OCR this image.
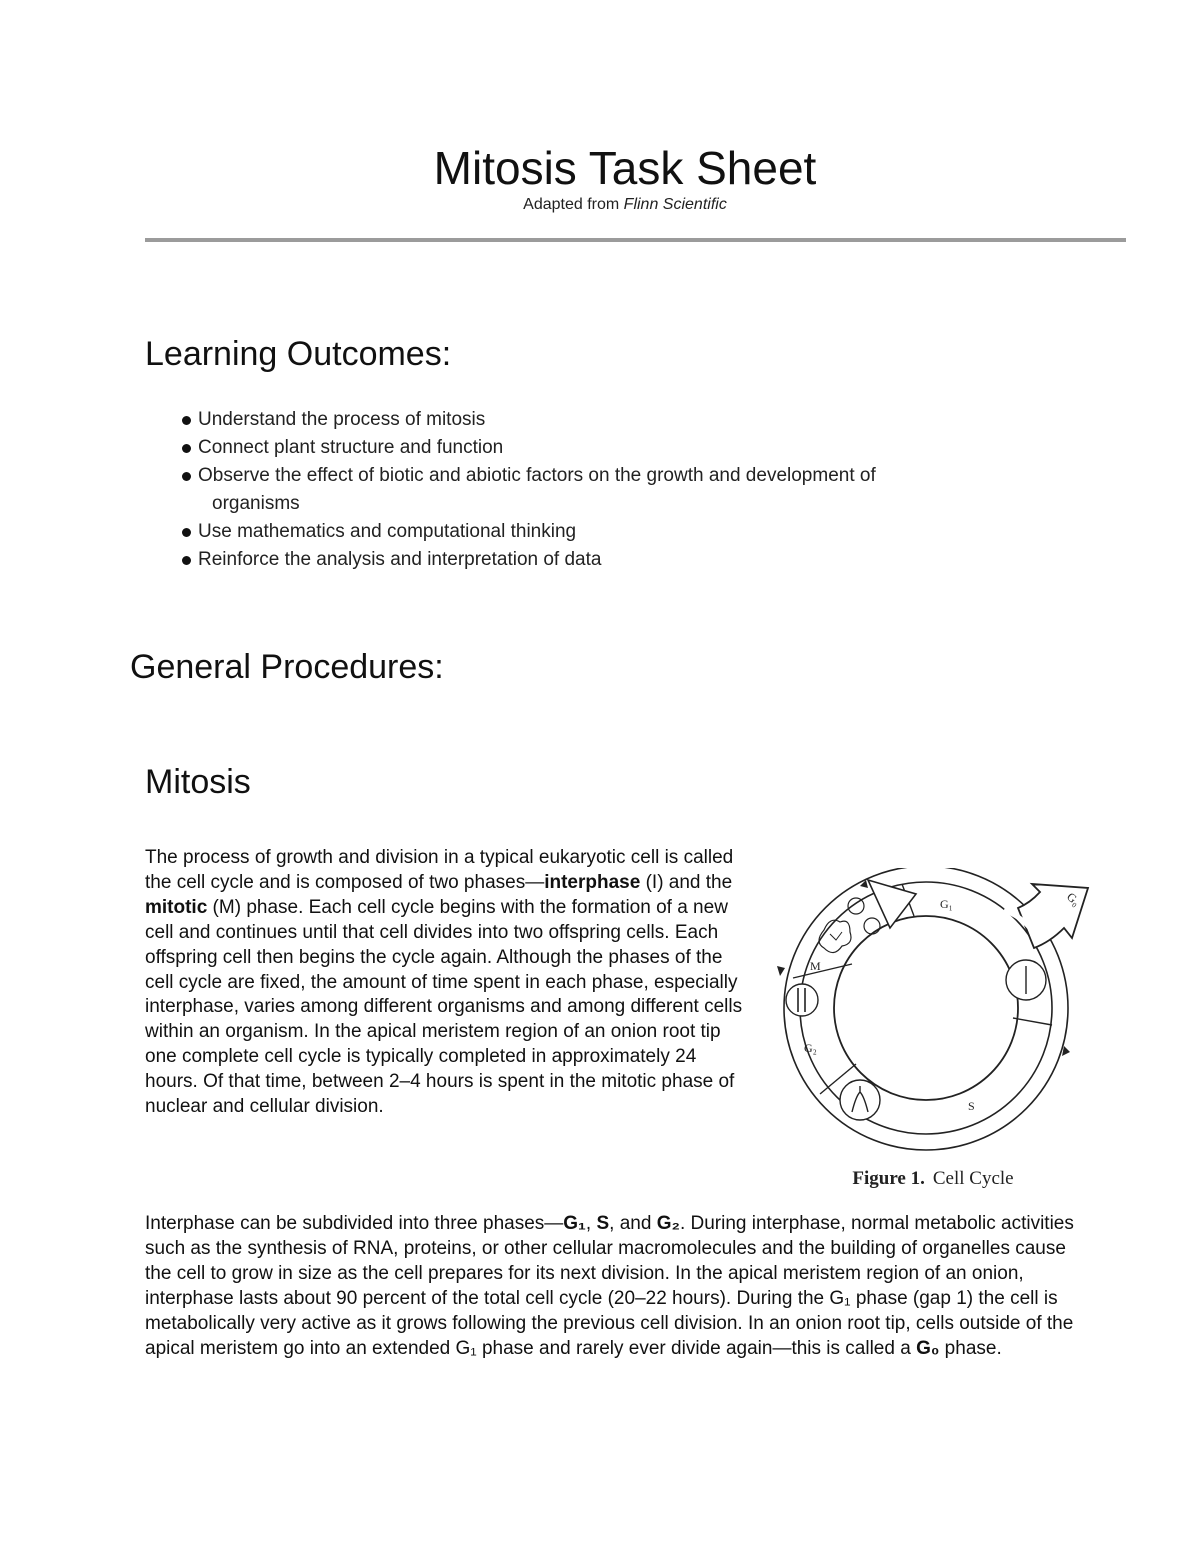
Mitosis Task Sheet
Adapted from Flinn Scientific
Learning Outcomes:
Understand the process of mitosis
Connect plant structure and function
Observe the effect of biotic and abiotic factors on the growth and development of
organisms
Use mathematics and computational thinking
Reinforce the analysis and interpretation of data
General Procedures:
Mitosis
The process of growth and division in a typical eukaryotic cell is called the cell cycle and is composed of two phases—interphase (I) and the mitotic (M) phase. Each cell cycle begins with the formation of a new cell and continues until that cell divides into two offspring cells. Each offspring cell then begins the cycle again. Although the phases of the cell cycle are fixed, the amount of time spent in each phase, especially interphase, varies among different organisms and among different cells within an organism. In the apical meristem region of an onion root tip one complete cell cycle is typically completed in approximately 24 hours. Of that time, between 2–4 hours is spent in the mitotic phase of nuclear and cellular division.
G₁	G₀
M
G₂
S
Figure 1. Cell Cycle
Interphase can be subdivided into three phases—G₁, S, and G₂. During interphase, normal metabolic activities such as the synthesis of RNA, proteins, or other cellular macromolecules and the building of organelles cause the cell to grow in size as the cell prepares for its next division. In the apical meristem region of an onion, interphase lasts about 90 percent of the total cell cycle (20–22 hours). During the G₁ phase (gap 1) the cell is metabolically very active as it grows following the previous cell division. In an onion root tip, cells outside of the apical meristem go into an extended G₁ phase and rarely ever divide again—this is called a G₀ phase.
